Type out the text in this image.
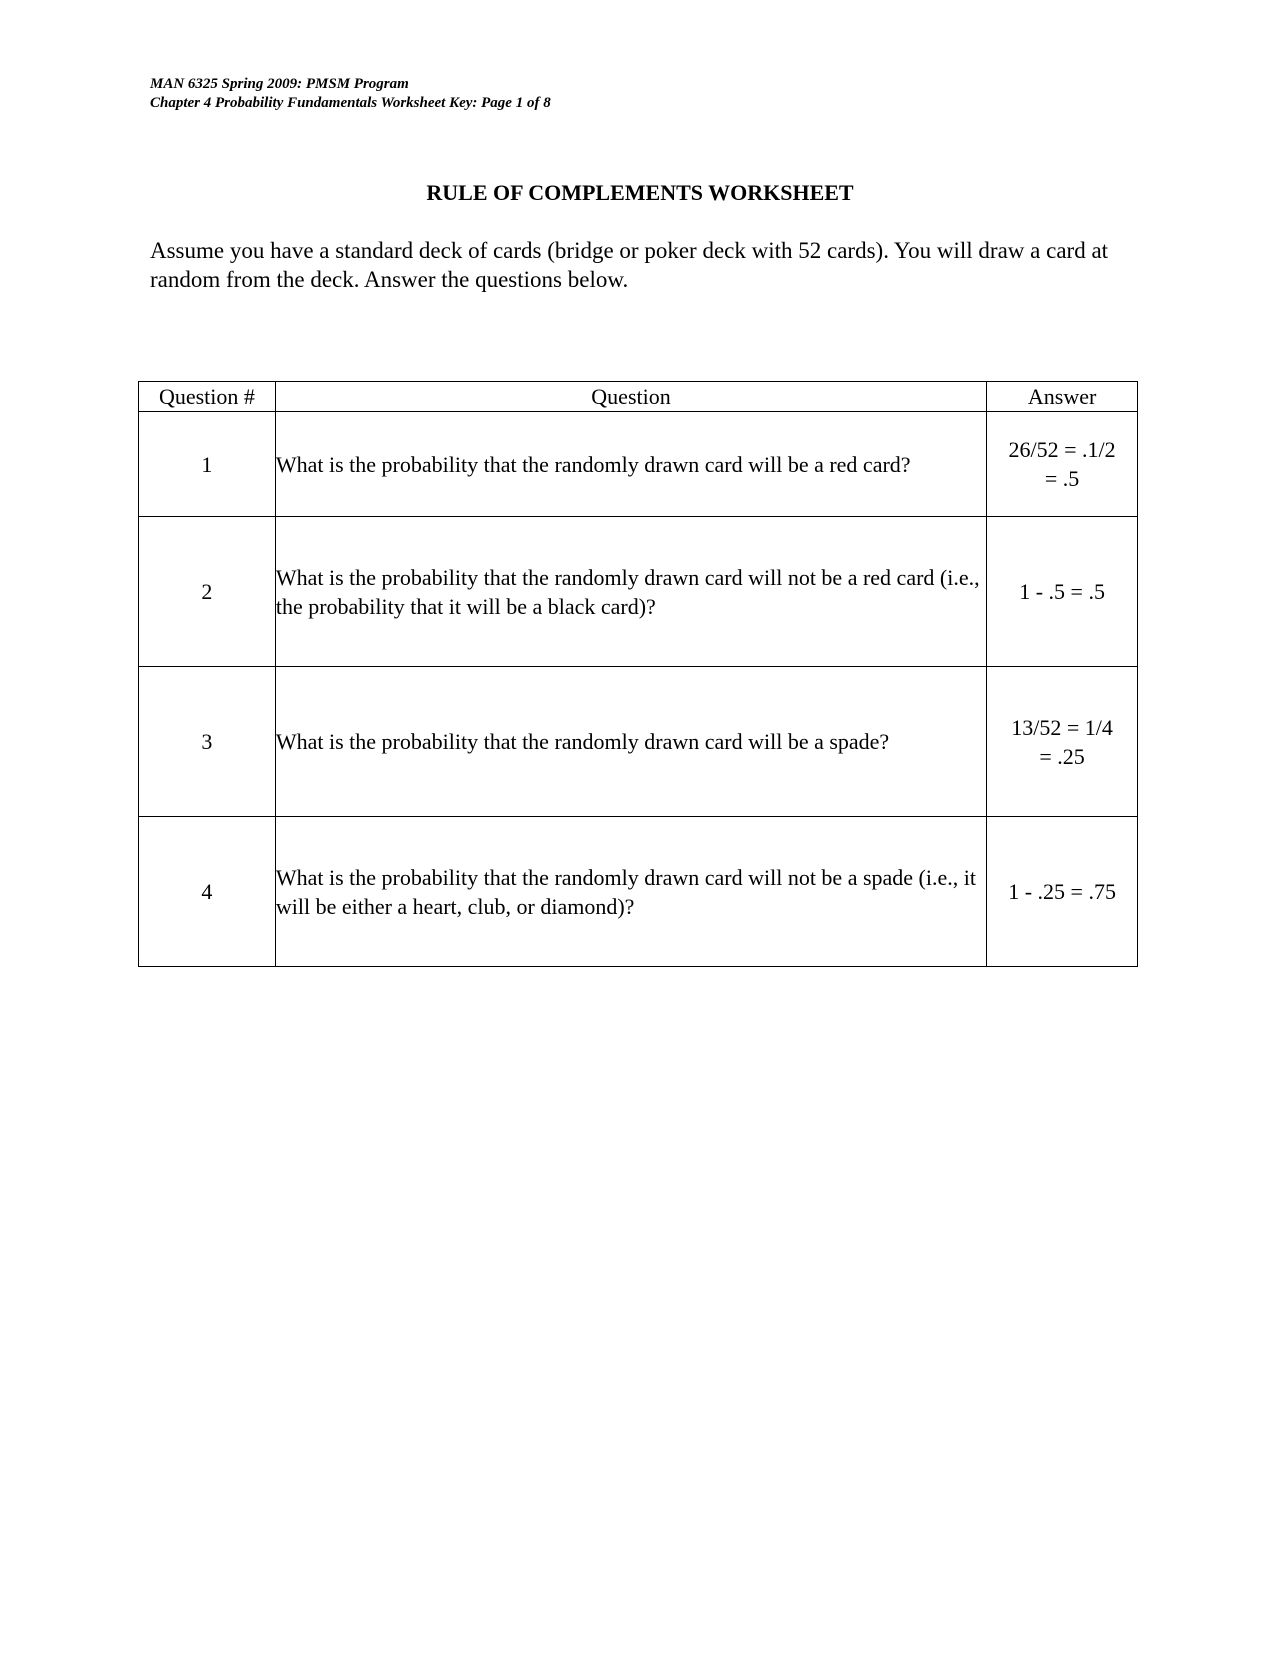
MAN 6325 Spring 2009: PMSM Program
Chapter 4 Probability Fundamentals Worksheet Key: Page 1 of 8
RULE OF COMPLEMENTS WORKSHEET
Assume you have a standard deck of cards (bridge or poker deck with 52 cards). You will draw a card at random from the deck. Answer the questions below.
Question #	Question	Answer
1	What is the probability that the randomly drawn card will be a red card?	26/52 = .1/2
= .5

2	What is the probability that the randomly drawn card will not be a red card (i.e., the probability that it will be a black card)?	1 - .5 = .5

3	What is the probability that the randomly drawn card will be a spade?	13/52 = 1/4
= .25

4	What is the probability that the randomly drawn card will not be a spade (i.e., it will be either a heart, club, or diamond)?	1 - .25 = .75
